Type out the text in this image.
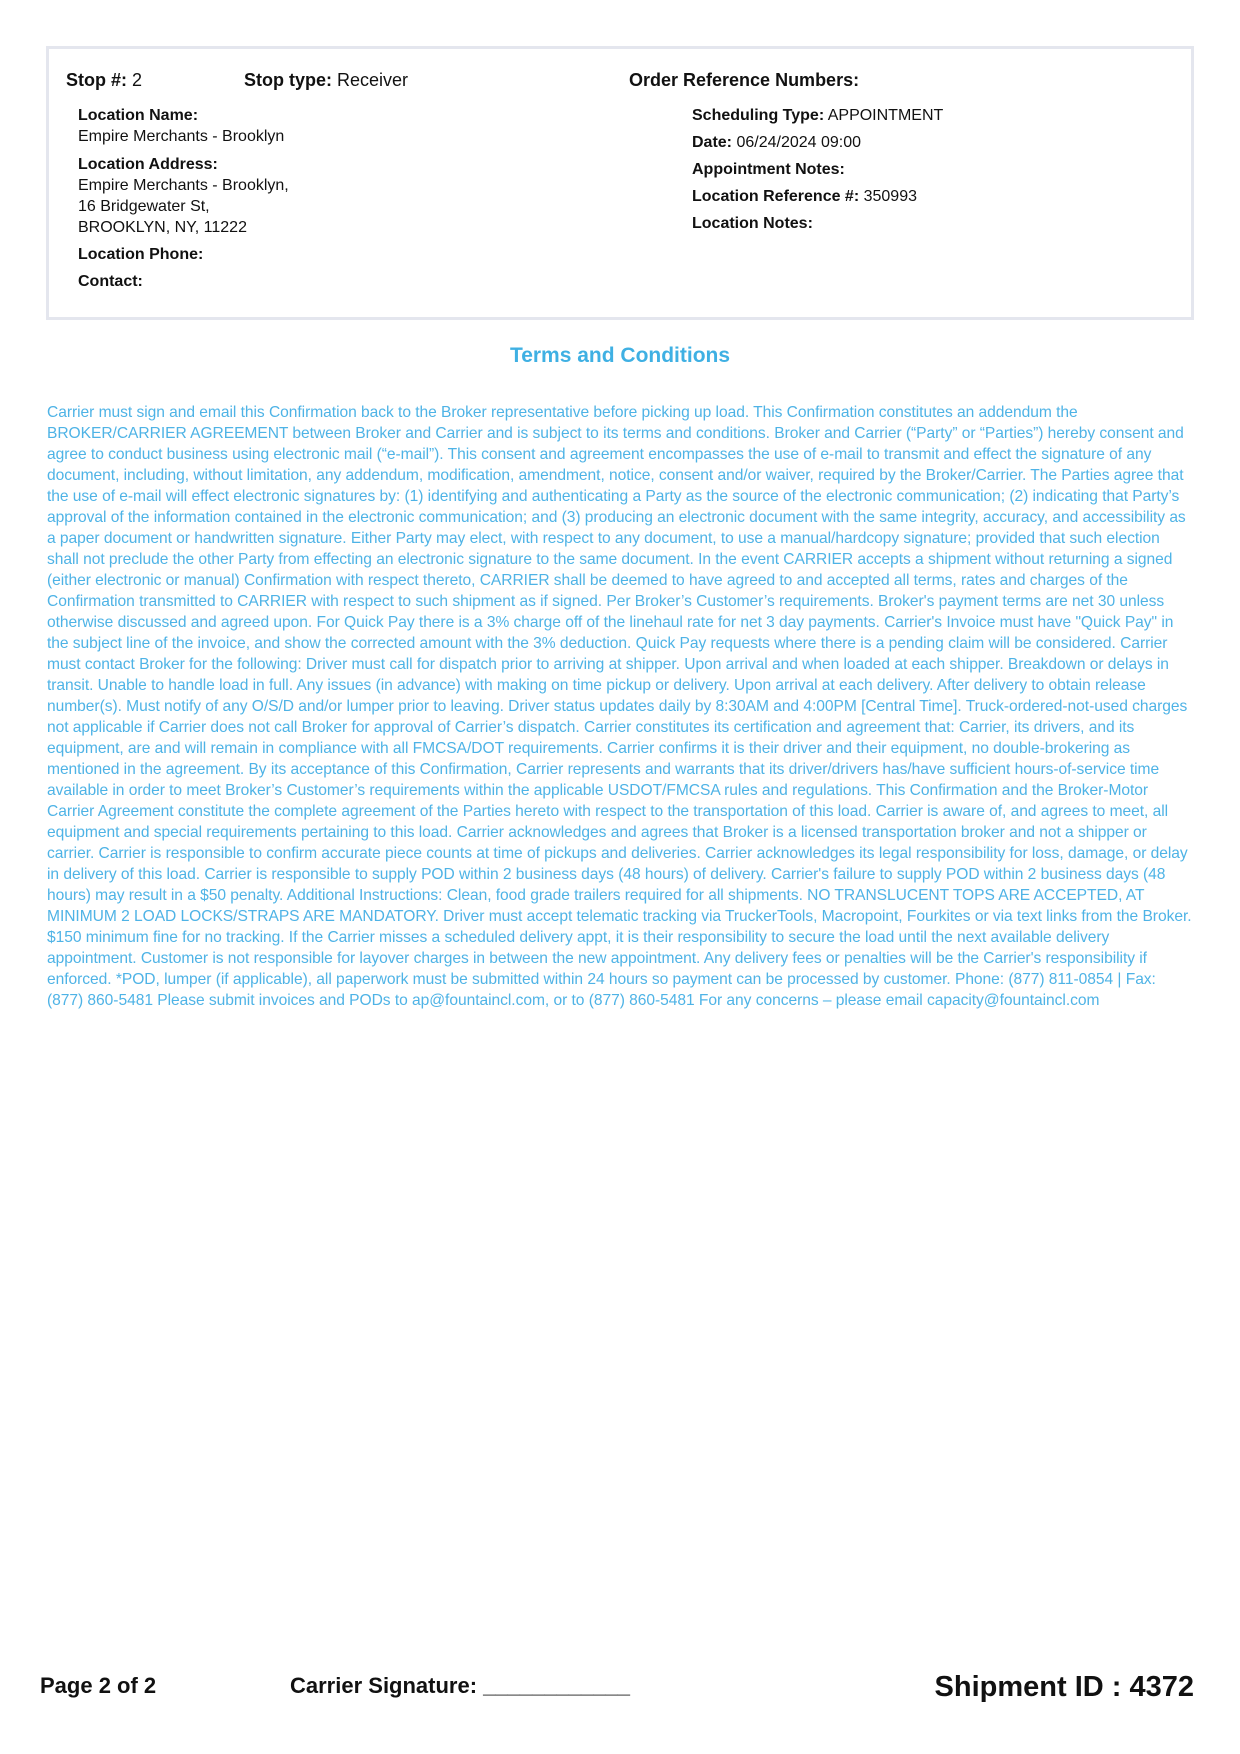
Stop #: 2	Stop type: Receiver	Order Reference Numbers:
Location Name:
Empire Merchants - Brooklyn
Location Address:
Empire Merchants - Brooklyn,
16 Bridgewater St,
BROOKLYN, NY, 11222
Location Phone:
Contact:
Scheduling Type: APPOINTMENT
Date: 06/24/2024 09:00
Appointment Notes:
Location Reference #: 350993
Location Notes:
Terms and Conditions
Carrier must sign and email this Confirmation back to the Broker representative before picking up load. This Confirmation constitutes an addendum the BROKER/CARRIER AGREEMENT between Broker and Carrier and is subject to its terms and conditions. Broker and Carrier (“Party” or “Parties”) hereby consent and agree to conduct business using electronic mail (“e-mail”). This consent and agreement encompasses the use of e-mail to transmit and effect the signature of any document, including, without limitation, any addendum, modification, amendment, notice, consent and/or waiver, required by the Broker/Carrier. The Parties agree that the use of e-mail will effect electronic signatures by: (1) identifying and authenticating a Party as the source of the electronic communication; (2) indicating that Party’s approval of the information contained in the electronic communication; and (3) producing an electronic document with the same integrity, accuracy, and accessibility as a paper document or handwritten signature. Either Party may elect, with respect to any document, to use a manual/hardcopy signature; provided that such election shall not preclude the other Party from effecting an electronic signature to the same document. In the event CARRIER accepts a shipment without returning a signed (either electronic or manual) Confirmation with respect thereto, CARRIER shall be deemed to have agreed to and accepted all terms, rates and charges of the Confirmation transmitted to CARRIER with respect to such shipment as if signed. Per Broker’s Customer’s requirements. Broker's payment terms are net 30 unless otherwise discussed and agreed upon. For Quick Pay there is a 3% charge off of the linehaul rate for net 3 day payments. Carrier's Invoice must have "Quick Pay" in the subject line of the invoice, and show the corrected amount with the 3% deduction. Quick Pay requests where there is a pending claim will be considered. Carrier must contact Broker for the following: Driver must call for dispatch prior to arriving at shipper. Upon arrival and when loaded at each shipper. Breakdown or delays in transit. Unable to handle load in full. Any issues (in advance) with making on time pickup or delivery. Upon arrival at each delivery. After delivery to obtain release number(s). Must notify of any O/S/D and/or lumper prior to leaving. Driver status updates daily by 8:30AM and 4:00PM [Central Time]. Truck-ordered-not-used charges not applicable if Carrier does not call Broker for approval of Carrier’s dispatch. Carrier constitutes its certification and agreement that: Carrier, its drivers, and its equipment, are and will remain in compliance with all FMCSA/DOT requirements. Carrier confirms it is their driver and their equipment, no double-brokering as mentioned in the agreement. By its acceptance of this Confirmation, Carrier represents and warrants that its driver/drivers has/have sufficient hours-of-service time available in order to meet Broker’s Customer’s requirements within the applicable USDOT/FMCSA rules and regulations. This Confirmation and the Broker-Motor Carrier Agreement constitute the complete agreement of the Parties hereto with respect to the transportation of this load. Carrier is aware of, and agrees to meet, all equipment and special requirements pertaining to this load. Carrier acknowledges and agrees that Broker is a licensed transportation broker and not a shipper or carrier. Carrier is responsible to confirm accurate piece counts at time of pickups and deliveries. Carrier acknowledges its legal responsibility for loss, damage, or delay in delivery of this load. Carrier is responsible to supply POD within 2 business days (48 hours) of delivery. Carrier's failure to supply POD within 2 business days (48 hours) may result in a $50 penalty. Additional Instructions: Clean, food grade trailers required for all shipments. NO TRANSLUCENT TOPS ARE ACCEPTED, AT MINIMUM 2 LOAD LOCKS/STRAPS ARE MANDATORY. Driver must accept telematic tracking via TruckerTools, Macropoint, Fourkites or via text links from the Broker. $150 minimum fine for no tracking. If the Carrier misses a scheduled delivery appt, it is their responsibility to secure the load until the next available delivery appointment. Customer is not responsible for layover charges in between the new appointment. Any delivery fees or penalties will be the Carrier's responsibility if enforced. *POD, lumper (if applicable), all paperwork must be submitted within 24 hours so payment can be processed by customer. Phone: (877) 811-0854 | Fax: (877) 860-5481 Please submit invoices and PODs to ap@fountaincl.com, or to (877) 860-5481 For any concerns – please email capacity@fountaincl.com
Page 2 of 2	Carrier Signature: ____________	Shipment ID : 4372
